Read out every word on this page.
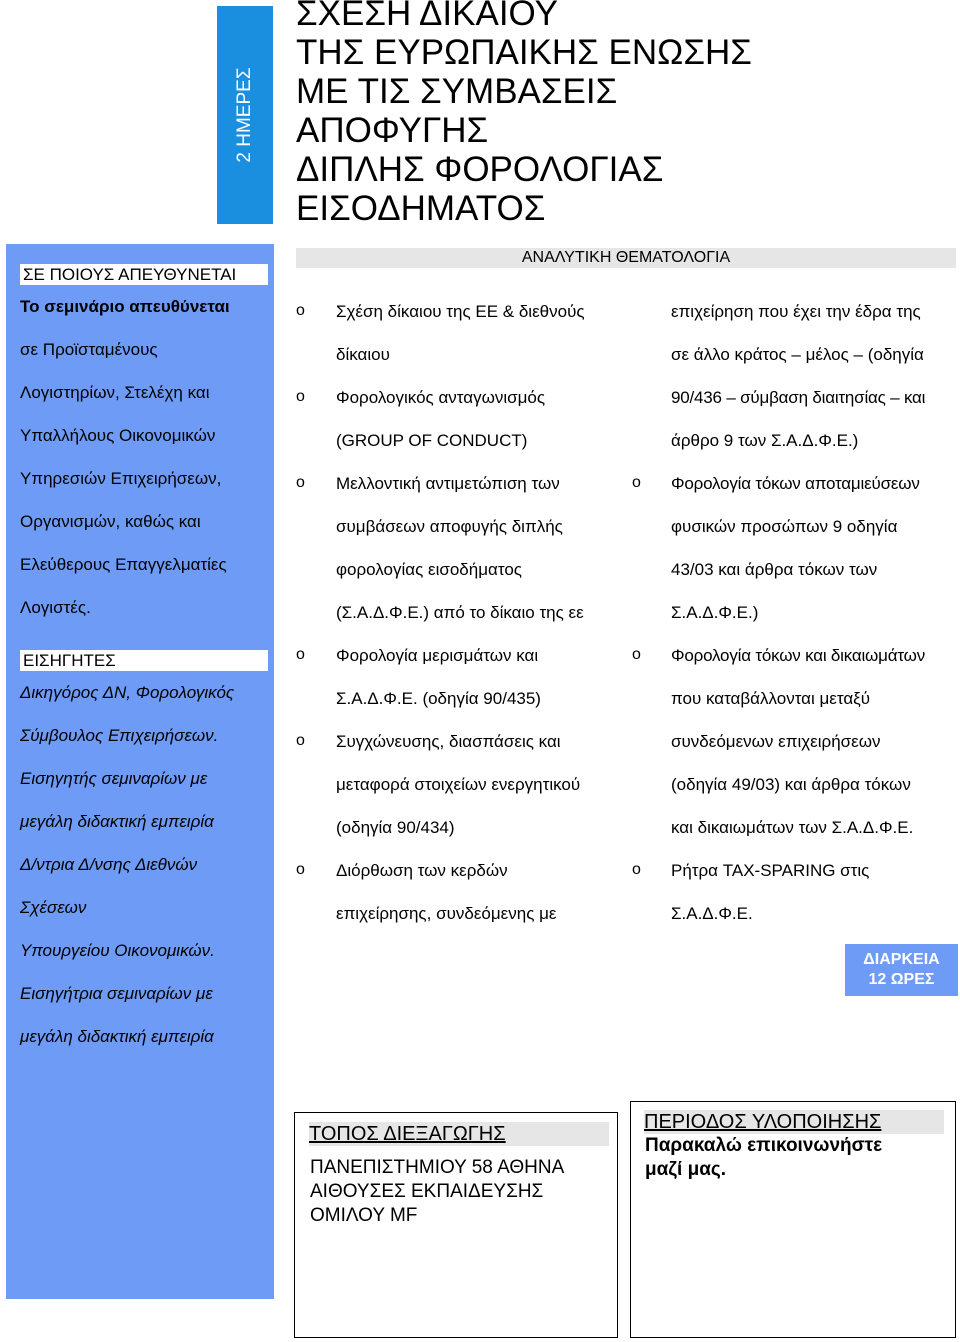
2 ΗΜΕΡΕΣ
ΣΧΕΣΗ ΔΙΚΑΙΟΥ
ΤΗΣ ΕΥΡΩΠΑΙΚΗΣ ΕΝΩΣΗΣ
ΜΕ ΤΙΣ ΣΥΜΒΑΣΕΙΣ
ΑΠΟΦΥΓΗΣ
ΔΙΠΛΗΣ ΦΟΡΟΛΟΓΙΑΣ
ΕΙΣΟΔΗΜΑΤΟΣ
ΣΕ ΠΟΙΟΥΣ ΑΠΕΥΘΥΝΕΤΑΙ
Το σεμινάριο απευθύνεται
σε Προϊσταμένους
Λογιστηρίων, Στελέχη και
Υπαλλήλους Οικονομικών
Υπηρεσιών Επιχειρήσεων,
Οργανισμών, καθώς και
Ελεύθερους Επαγγελματίες
Λογιστές.
ΕΙΣΗΓΗΤΕΣ
Δικηγόρος ΔΝ, Φορολογικός
Σύμβουλος Επιχειρήσεων.
Εισηγητής σεμιναρίων με
μεγάλη διδακτική εμπειρία
Δ/ντρια Δ/νσης Διεθνών
Σχέσεων
Υπουργείου Οικονομικών.
Εισηγήτρια σεμιναρίων με
μεγάλη διδακτική εμπειρία
ΑΝΑΛΥΤΙΚΗ ΘΕΜΑΤΟΛΟΓΙΑ
o
o
o
o
o
o
Σχέση δίκαιου της ΕΕ & διεθνούς
δίκαιου
Φορολογικός ανταγωνισμός
(GROUP OF CONDUCT)
Μελλοντική αντιμετώπιση των
συμβάσεων αποφυγής διπλής
φορολογίας εισοδήματος
(Σ.Α.Δ.Φ.Ε.) από το δίκαιο της εε
Φορολογία μερισμάτων και
Σ.Α.Δ.Φ.Ε. (οδηγία 90/435)
Συγχώνευσης, διασπάσεις και
μεταφορά στοιχείων ενεργητικού
(οδηγία 90/434)
Διόρθωση των κερδών
επιχείρησης, συνδεόμενης με
o
o
o
επιχείρηση που έχει την έδρα της
σε άλλο κράτος – μέλος – (οδηγία
90/436 – σύμβαση διαιτησίας – και
άρθρο 9 των Σ.Α.Δ.Φ.Ε.)
Φορολογία τόκων αποταμιεύσεων
φυσικών προσώπων 9 οδηγία
43/03 και άρθρα τόκων των
Σ.Α.Δ.Φ.Ε.)
Φορολογία τόκων και δικαιωμάτων
που καταβάλλονται μεταξύ
συνδεόμενων επιχειρήσεων
(οδηγία 49/03) και άρθρα τόκων
και δικαιωμάτων των Σ.Α.Δ.Φ.Ε.
Ρήτρα TAX-SPARING στις
Σ.Α.Δ.Φ.Ε.
ΔΙΑΡΚΕΙΑ
12 ΩΡΕΣ
ΤΟΠΟΣ ΔΙΕΞΑΓΩΓΗΣ
ΠΑΝΕΠΙΣΤΗΜΙΟΥ 58 ΑΘΗΝΑ
ΑΙΘΟΥΣΕΣ ΕΚΠΑΙΔΕΥΣΗΣ
ΟΜΙΛΟΥ MF
ΠΕΡΙΟΔΟΣ ΥΛΟΠΟΙΗΣΗΣ
Παρακαλώ επικοινωνήστε
μαζί μας.
